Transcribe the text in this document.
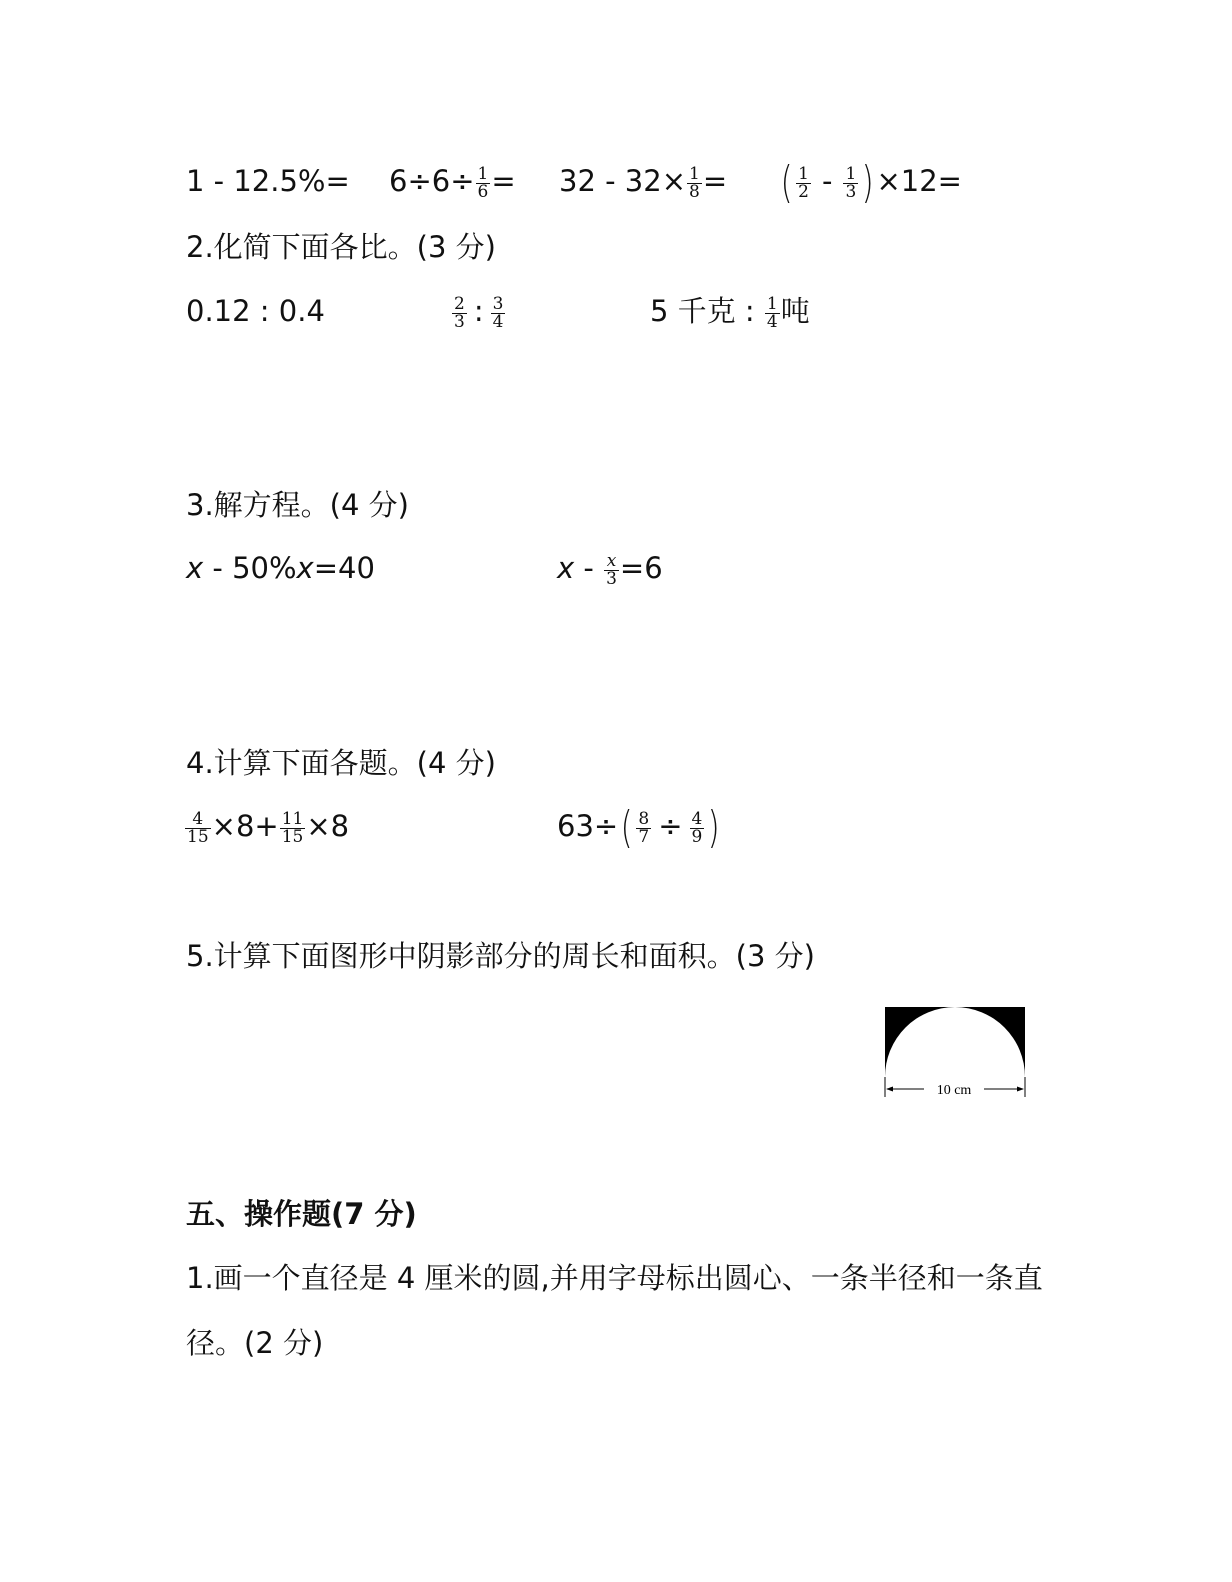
$1 - 12.5\%= 6\div 6\div \frac{1}{6} = 32 - 32\times \frac{1}{8}$ = ( $\frac{1}{2} - \frac{1}{3} )\times 12=$
2.化简下面各比。(3 分)
0.12 : 0.4	$\frac{2}{3}$ : $\frac{3}{4}$	5 千克 : $\frac{1}{4}$ 吨
3.解方程。(4 分)
x - 50%x=40	$x - \frac{x}{3} =6$
4.计算下面各题。(4 分)
$\frac{4}{15} \times 8+ \frac{11}{15} \times 8$	$63\div( \frac{8}{7} \div \frac{4}{9}$ )
5.计算下面图形中阴影部分的周长和面积。(3 分)
10 cm
五、操作题(7 分)
1.画一个直径是 4 厘米的圆,并用字母标出圆心、一条半径和一条直
径。(2 分)
